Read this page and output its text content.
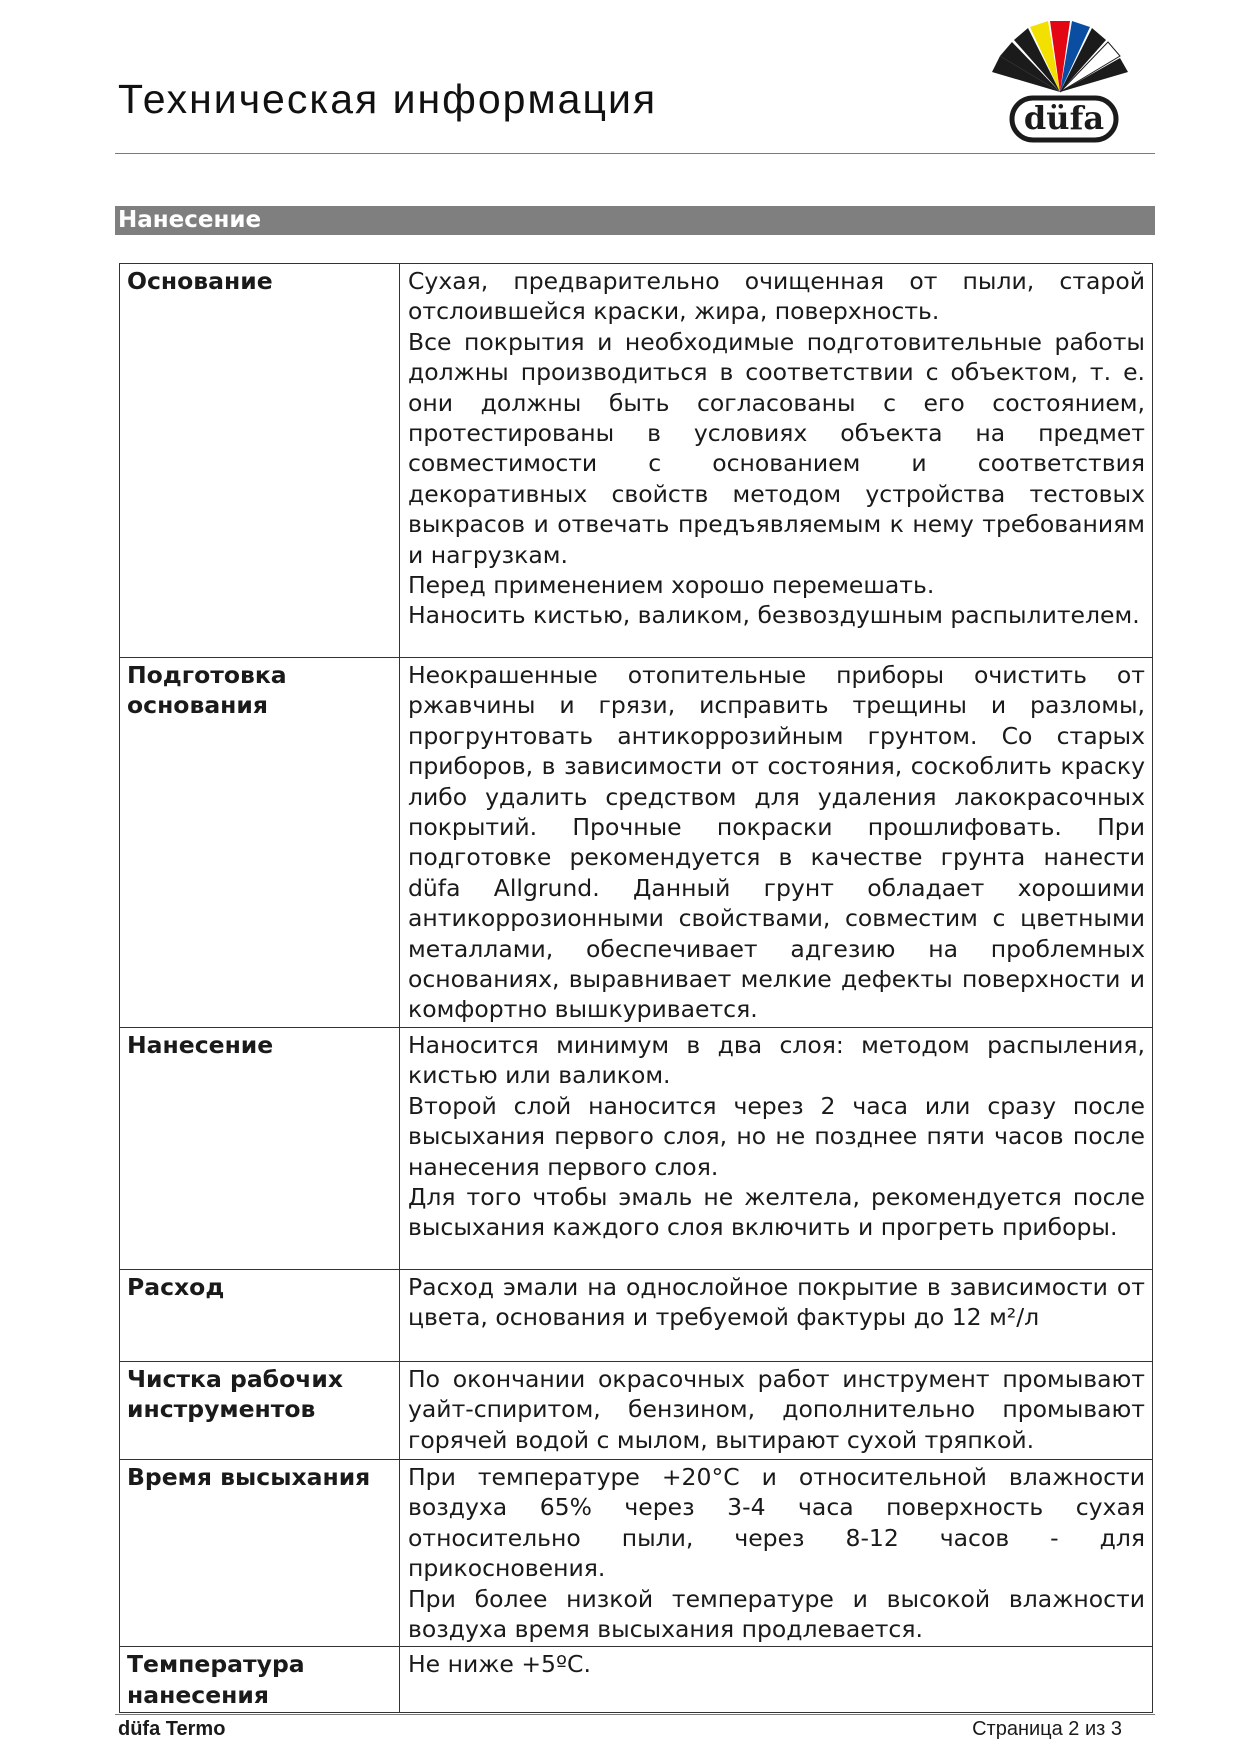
Техническая информация	düfa
Нанесение
Основание	Сухая, предварительно очищенная от пыли, старой отслоившейся краски, жира, поверхность.

Все покрытия и необходимые подготовительные работы должны производиться в соответствии с объектом, т. е. они должны быть согласованы с его состоянием, протестированы в условиях объекта на предмет совместимости с основанием и соответствия декоративных свойств методом устройства тестовых выкрасов и отвечать предъявляемым к нему требованиям и нагрузкам.

Перед применением хорошо перемешать.

Наносить кистью, валиком, безвоздушным распылителем.

Подготовка основания	Неокрашенные отопительные приборы очистить от ржавчины и грязи, исправить трещины и разломы, прогрунтовать антикоррозийным грунтом. Со старых приборов, в зависимости от состояния, соскоблить краску либо удалить средством для удаления лакокрасочных покрытий. Прочные покраски прошлифовать. При подготовке рекомендуется в качестве грунта нанести düfa Allgrund. Данный грунт обладает хорошими антикоррозионными свойствами, совместим с цветными металлами, обеспечивает адгезию на проблемных основаниях, выравнивает мелкие дефекты поверхности и комфортно вышкуривается.

Нанесение	Наносится минимум в два слоя: методом распыления, кистью или валиком.

Второй слой наносится через 2 часа или сразу после высыхания первого слоя, но не позднее пяти часов после нанесения первого слоя.

Для того чтобы эмаль не желтела, рекомендуется после высыхания каждого слоя включить и прогреть приборы.

Расход	Расход эмали на однослойное покрытие в зависимости от цвета, основания и требуемой фактуры до 12 м²/л

Чистка рабочих инструментов	По окончании окрасочных работ инструмент промывают уайт-спиритом, бензином, дополнительно промывают горячей водой с мылом, вытирают сухой тряпкой.

Время высыхания	При температуре +20°C и относительной влажности воздуха 65% через 3-4 часа поверхность сухая относительно пыли, через 8-12 часов - для прикосновения.

При более низкой температуре и высокой влажности воздуха время высыхания продлевается.

Температура нанесения	Не ниже +5ºC.

düfa Termo	Страница 2 из 3
